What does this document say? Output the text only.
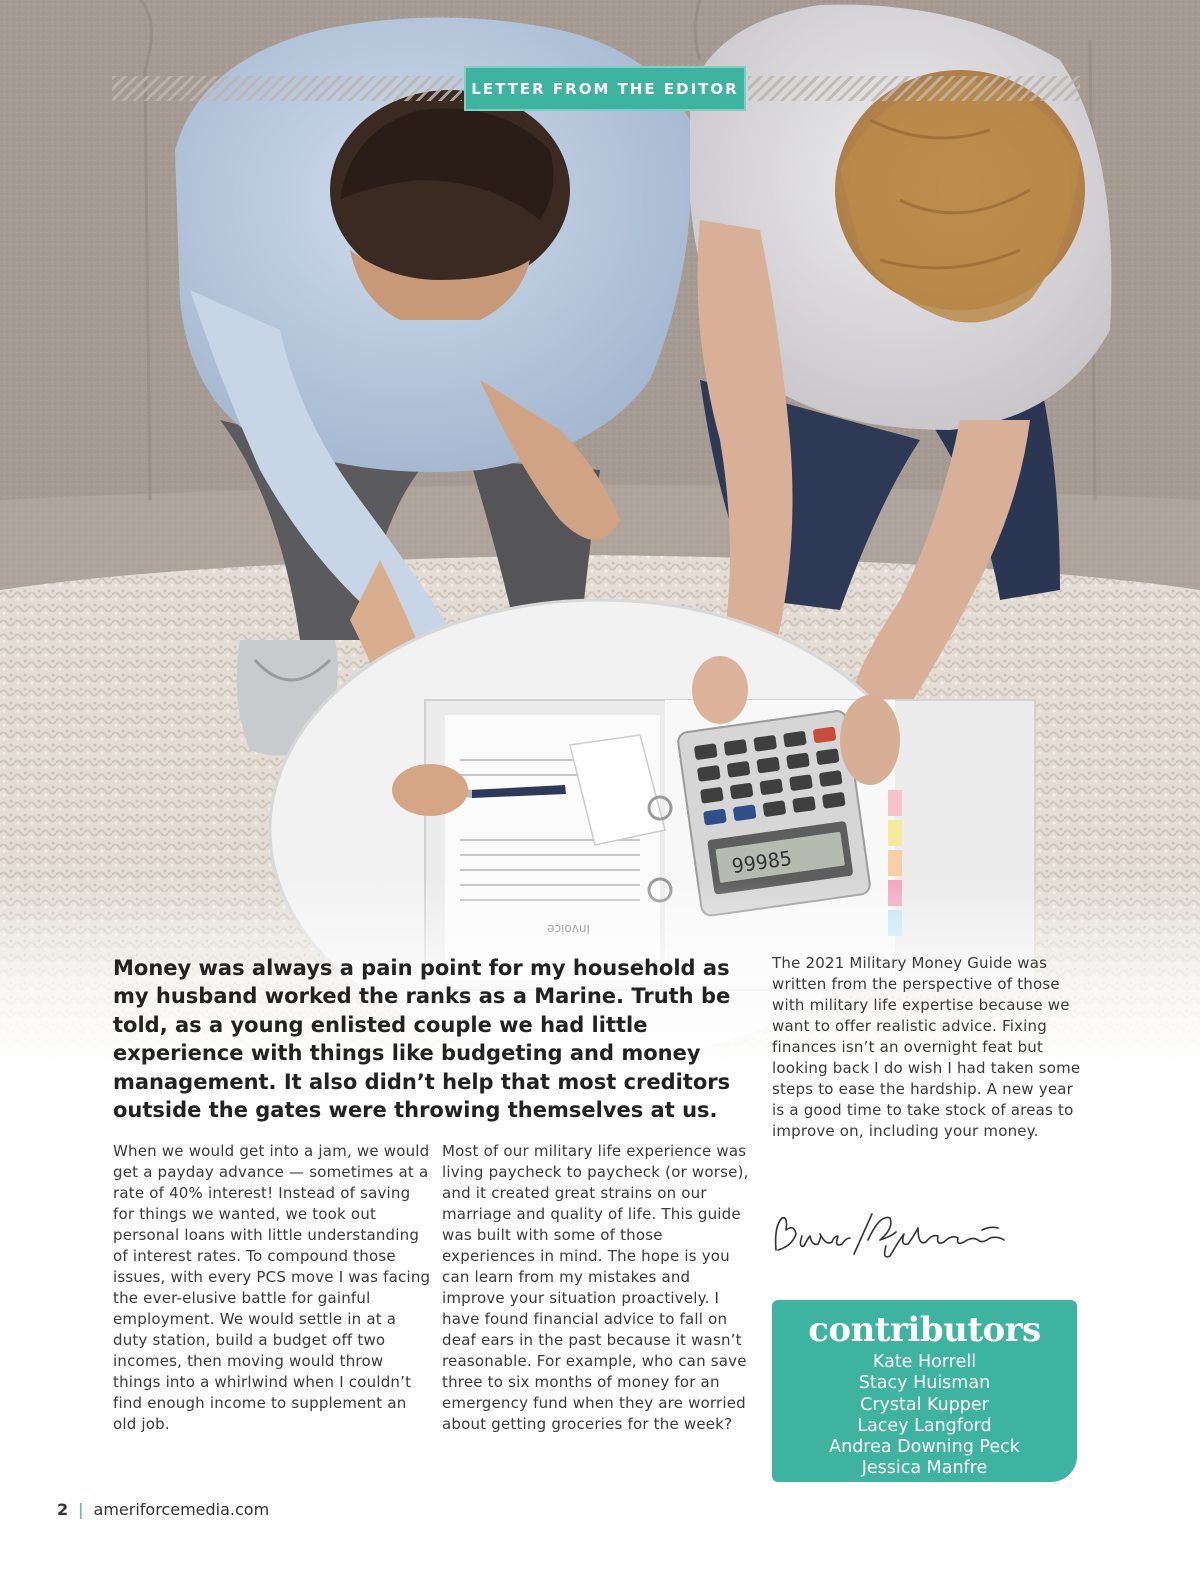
99985
LETTER FROM THE EDITOR

Money was always a pain point for my household as my husband worked the ranks as a Marine. Truth be told, as a young enlisted couple we had little experience with things like budgeting and money management. It also didn’t help that most creditors outside the gates were throwing themselves at us.

When we would get into a jam, we would get a payday advance — sometimes at a rate of 40% interest! Instead of saving for things we wanted, we took out personal loans with little understanding of interest rates. To compound those issues, with every PCS move I was facing the ever-elusive battle for gainful employment. We would settle in at a duty station, build a budget off two incomes, then moving would throw things into a whirlwind when I couldn’t find enough income to supplement an old job.

Most of our military life experience was living paycheck to paycheck (or worse), and it created great strains on our marriage and quality of life. This guide was built with some of those experiences in mind. The hope is you can learn from my mistakes and improve your situation proactively. I have found financial advice to fall on deaf ears in the past because it wasn’t reasonable. For example, who can save three to six months of money for an emergency fund when they are worried about getting groceries for the week?

The 2021 Military Money Guide was written from the perspective of those with military life expertise because we want to offer realistic advice. Fixing finances isn’t an overnight feat but looking back I do wish I had taken some steps to ease the hardship. A new year is a good time to take stock of areas to improve on, including your money.

contributors
Kate Horrell
Stacy Huisman
Crystal Kupper
Lacey Langford
Andrea Downing Peck
Jessica Manfre
2 | ameriforcemedia.com
